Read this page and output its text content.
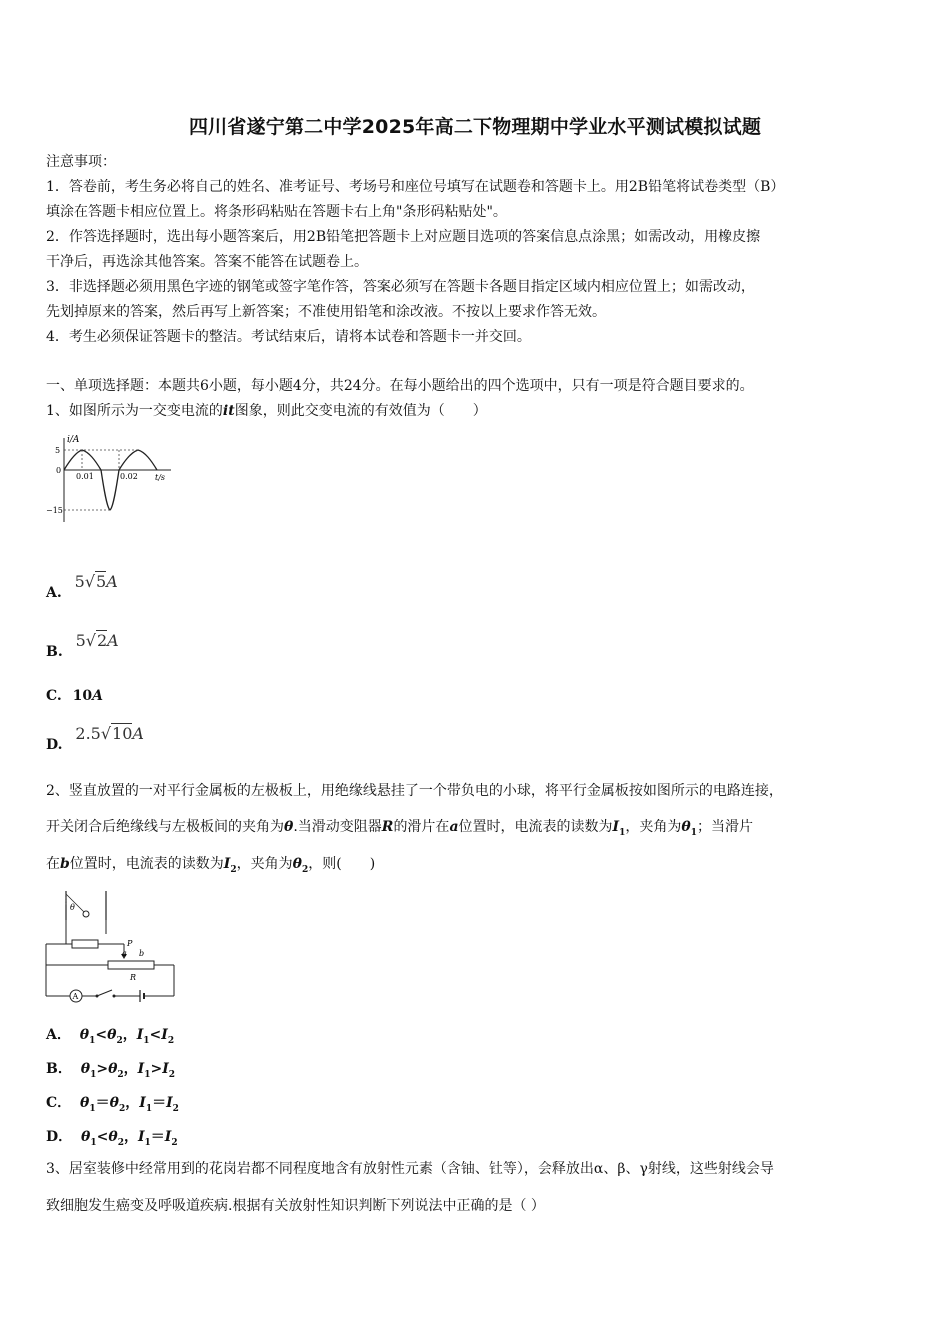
四川省遂宁第二中学2025年高二下物理期中学业水平测试模拟试题
注意事项：
1．答卷前，考生务必将自己的姓名、准考证号、考场号和座位号填写在试题卷和答题卡上。用2B铅笔将试卷类型（B）
填涂在答题卡相应位置上。将条形码粘贴在答题卡右上角"条形码粘贴处"。
2．作答选择题时，选出每小题答案后，用2B铅笔把答题卡上对应题目选项的答案信息点涂黑；如需改动，用橡皮擦
干净后，再选涂其他答案。答案不能答在试题卷上。
3．非选择题必须用黑色字迹的钢笔或签字笔作答，答案必须写在答题卡各题目指定区域内相应位置上；如需改动，
先划掉原来的答案，然后再写上新答案；不准使用铅笔和涂改液。不按以上要求作答无效。
4．考生必须保证答题卡的整洁。考试结束后，请将本试卷和答题卡一并交回。
一、单项选择题：本题共6小题，每小题4分，共24分。在每小题给出的四个选项中，只有一项是符合题目要求的。
1、如图所示为一交变电流的it图象，则此交变电流的有效值为（　　）
i/A
5
0
−15
0.01	0.02 t/s
A. 5√5A
B. 5√2A
C. 10A
D. 2.5√10A
2、竖直放置的一对平行金属板的左极板上，用绝缘线悬挂了一个带负电的小球，将平行金属板按如图所示的电路连接，
开关闭合后绝缘线与左极板间的夹角为θ.当滑动变阻器R的滑片在a位置时，电流表的读数为$I_1$，夹角为$\theta_1$；当滑片
在b位置时，电流表的读数为$I_2$，夹角为$\theta_2$，则(　　)
θ
P
a b
R
A
A． $\theta_1<\theta_2$，$I_1<I_2$
B． $\theta_1>\theta_2$，$I_1>I_2$
C． $\theta_1=\theta_2$，$I_1=I_2$
D． $\theta_1<\theta_2$，$I_1=I_2$
3、居室装修中经常用到的花岗岩都不同程度地含有放射性元素（含铀、钍等），会释放出α、β、γ射线，这些射线会导
致细胞发生癌变及呼吸道疾病.根据有关放射性知识判断下列说法中正确的是（ ）
